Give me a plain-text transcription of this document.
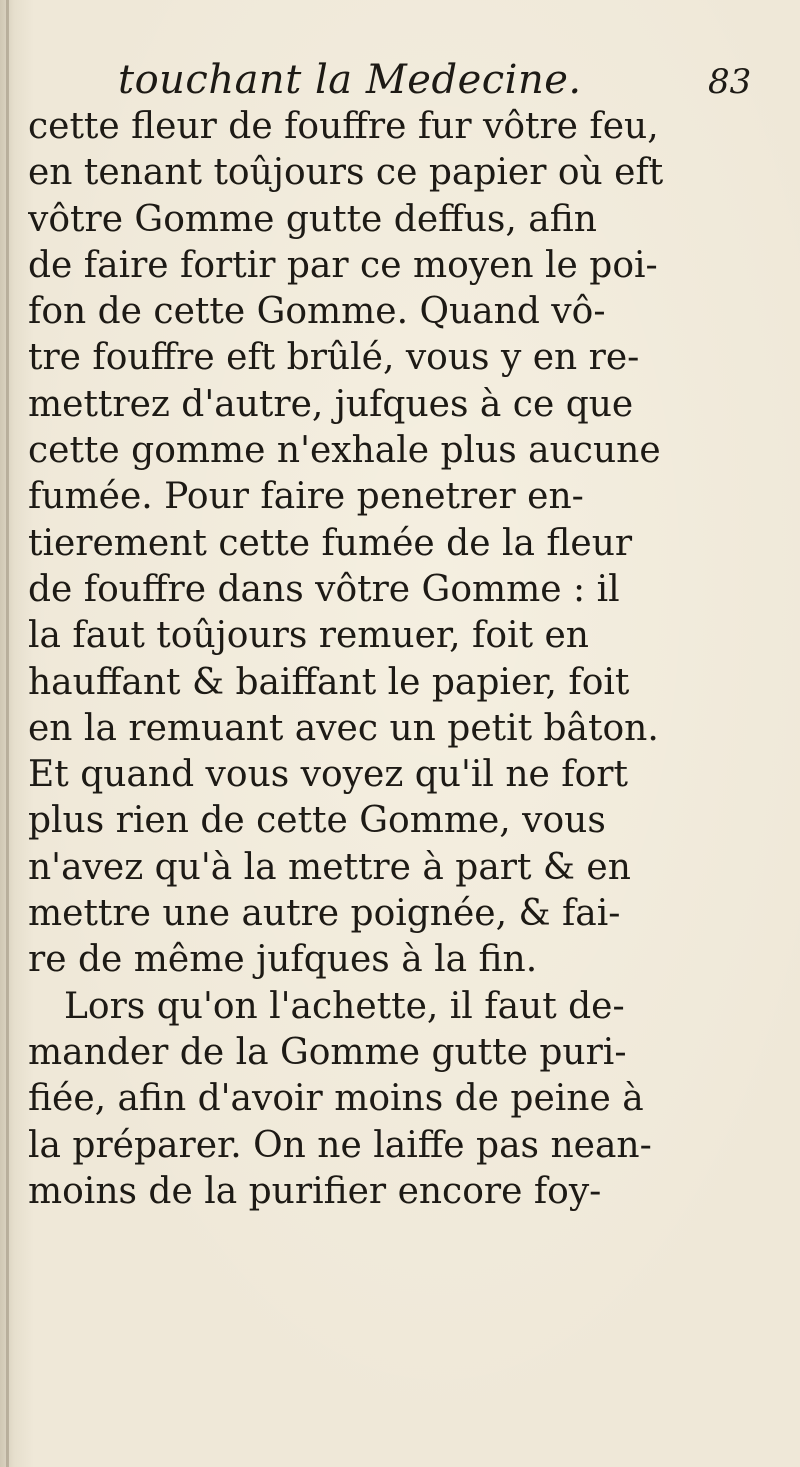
touchant la Medecine.	83
cette fleur de fouffre fur vôtre feu,
en tenant toûjours ce papier où eft
vôtre Gomme gutte deffus, afin
de faire fortir par ce moyen le poi-
fon de cette Gomme. Quand vô-
tre fouffre eft brûlé, vous y en re-
mettrez d'autre, jufques à ce que
cette gomme n'exhale plus aucune
fumée. Pour faire penetrer en-
tierement cette fumée de la fleur
de fouffre dans vôtre Gomme : il
la faut toûjours remuer, foit en
hauffant & baiffant le papier, foit
en la remuant avec un petit bâton.
Et quand vous voyez qu'il ne fort
plus rien de cette Gomme, vous
n'avez qu'à la mettre à part & en
mettre une autre poignée, & fai-
re de même jufques à la fin.
Lors qu'on l'achette, il faut de-
mander de la Gomme gutte puri-
fiée, afin d'avoir moins de peine à
la préparer. On ne laiffe pas nean-
moins de la purifier encore foy-
